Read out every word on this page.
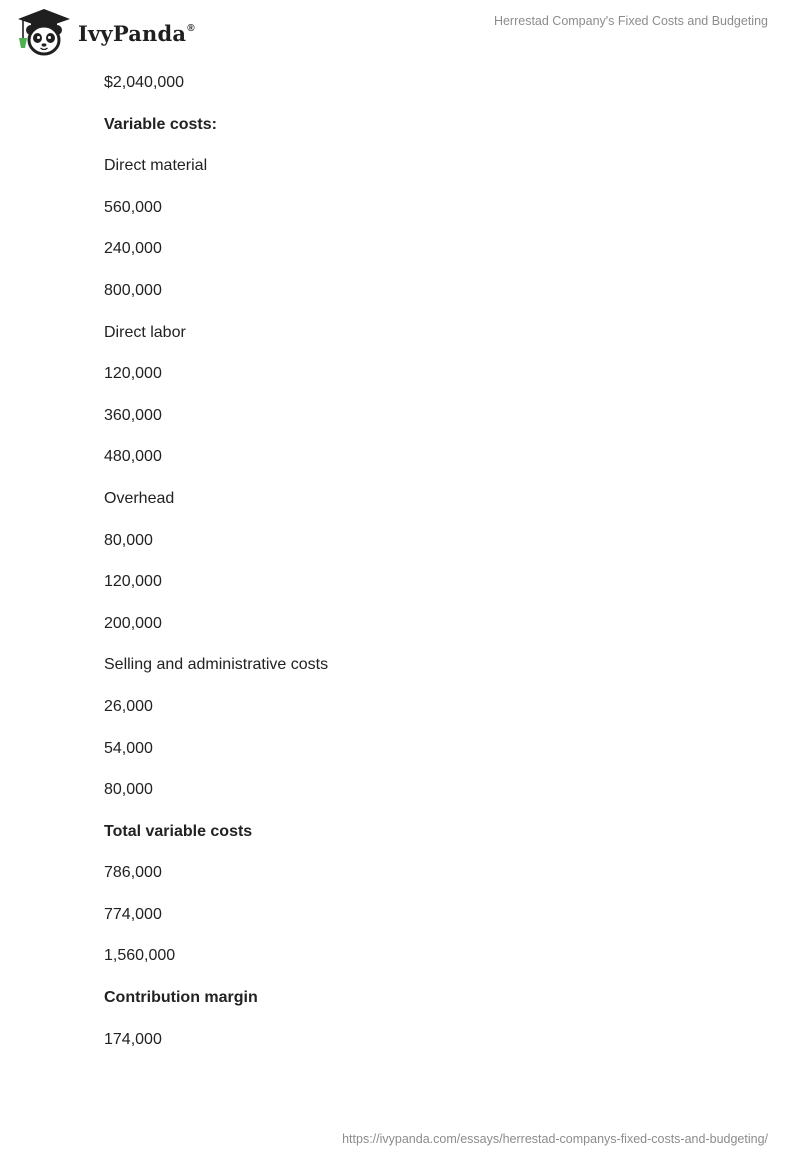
IvyPanda®	Herrestad Company's Fixed Costs and Budgeting
$2,040,000
Variable costs:
Direct material
560,000
240,000
800,000
Direct labor
120,000
360,000
480,000
Overhead
80,000
120,000
200,000
Selling and administrative costs
26,000
54,000
80,000
Total variable costs
786,000
774,000
1,560,000
Contribution margin
174,000
https://ivypanda.com/essays/herrestad-companys-fixed-costs-and-budgeting/
